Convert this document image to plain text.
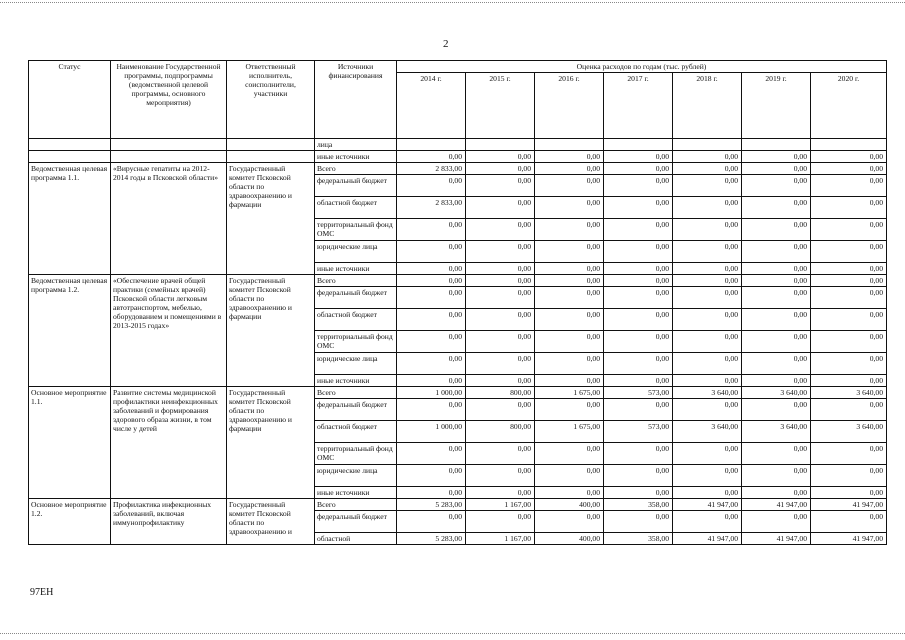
2
Статус	Наименование Государственной программы, подпрограммы (ведомственной целевой программы, основного мероприятия)	Ответственный исполнитель, соисполнители, участники	Источники финансирования	Оценка расходов по годам (тыс. рублей)						
				2014 г.	2015 г.	2016 г.	2017 г.	2018 г.	2019 г.	2020 г.
			лица							
			иные источники	0,00	0,00	0,00	0,00	0,00	0,00	0,00
Ведомственная целевая программа 1.1.	«Вирусные гепатиты на 2012-2014 годы в Псковской области»	Государственный комитет Псковской области по здравоохранению и фармации	Всего	2 833,00	0,00	0,00	0,00	0,00	0,00	0,00
			федеральный бюджет	0,00	0,00	0,00	0,00	0,00	0,00	0,00
			областной бюджет	2 833,00	0,00	0,00	0,00	0,00	0,00	0,00
			территориальный фонд ОМС	0,00	0,00	0,00	0,00	0,00	0,00	0,00
			юридические лица	0,00	0,00	0,00	0,00	0,00	0,00	0,00
			иные источники	0,00	0,00	0,00	0,00	0,00	0,00	0,00
Ведомственная целевая программа 1.2.	«Обеспечение врачей общей практики (семейных врачей) Псковской области легковым автотранспортом, мебелью, оборудованием и помещениями в 2013-2015 годах»	Государственный комитет Псковской области по здравоохранению и фармации	Всего	0,00	0,00	0,00	0,00	0,00	0,00	0,00
			федеральный бюджет	0,00	0,00	0,00	0,00	0,00	0,00	0,00
			областной бюджет	0,00	0,00	0,00	0,00	0,00	0,00	0,00
			территориальный фонд ОМС	0,00	0,00	0,00	0,00	0,00	0,00	0,00
			юридические лица	0,00	0,00	0,00	0,00	0,00	0,00	0,00
			иные источники	0,00	0,00	0,00	0,00	0,00	0,00	0,00
Основное мероприятие 1.1.	Развитие системы медицинской профилактики неинфекционных заболеваний и формирования здорового образа жизни, в том числе у детей	Государственный комитет Псковской области по здравоохранению и фармации	Всего	1 000,00	800,00	1 675,00	573,00	3 640,00	3 640,00	3 640,00
			федеральный бюджет	0,00	0,00	0,00	0,00	0,00	0,00	0,00
			областной бюджет	1 000,00	800,00	1 675,00	573,00	3 640,00	3 640,00	3 640,00
			территориальный фонд ОМС	0,00	0,00	0,00	0,00	0,00	0,00	0,00
			юридические лица	0,00	0,00	0,00	0,00	0,00	0,00	0,00
			иные источники	0,00	0,00	0,00	0,00	0,00	0,00	0,00
Основное мероприятие 1.2.	Профилактика инфекционных заболеваний, включая иммунопрофилактику	Государственный комитет Псковской области по здравоохранению и	Всего	5 283,00	1 167,00	400,00	358,00	41 947,00	41 947,00	41 947,00
			федеральный бюджет	0,00	0,00	0,00	0,00	0,00	0,00	0,00
			областной	5 283,00	1 167,00	400,00	358,00	41 947,00	41 947,00	41 947,00
97ЕН
